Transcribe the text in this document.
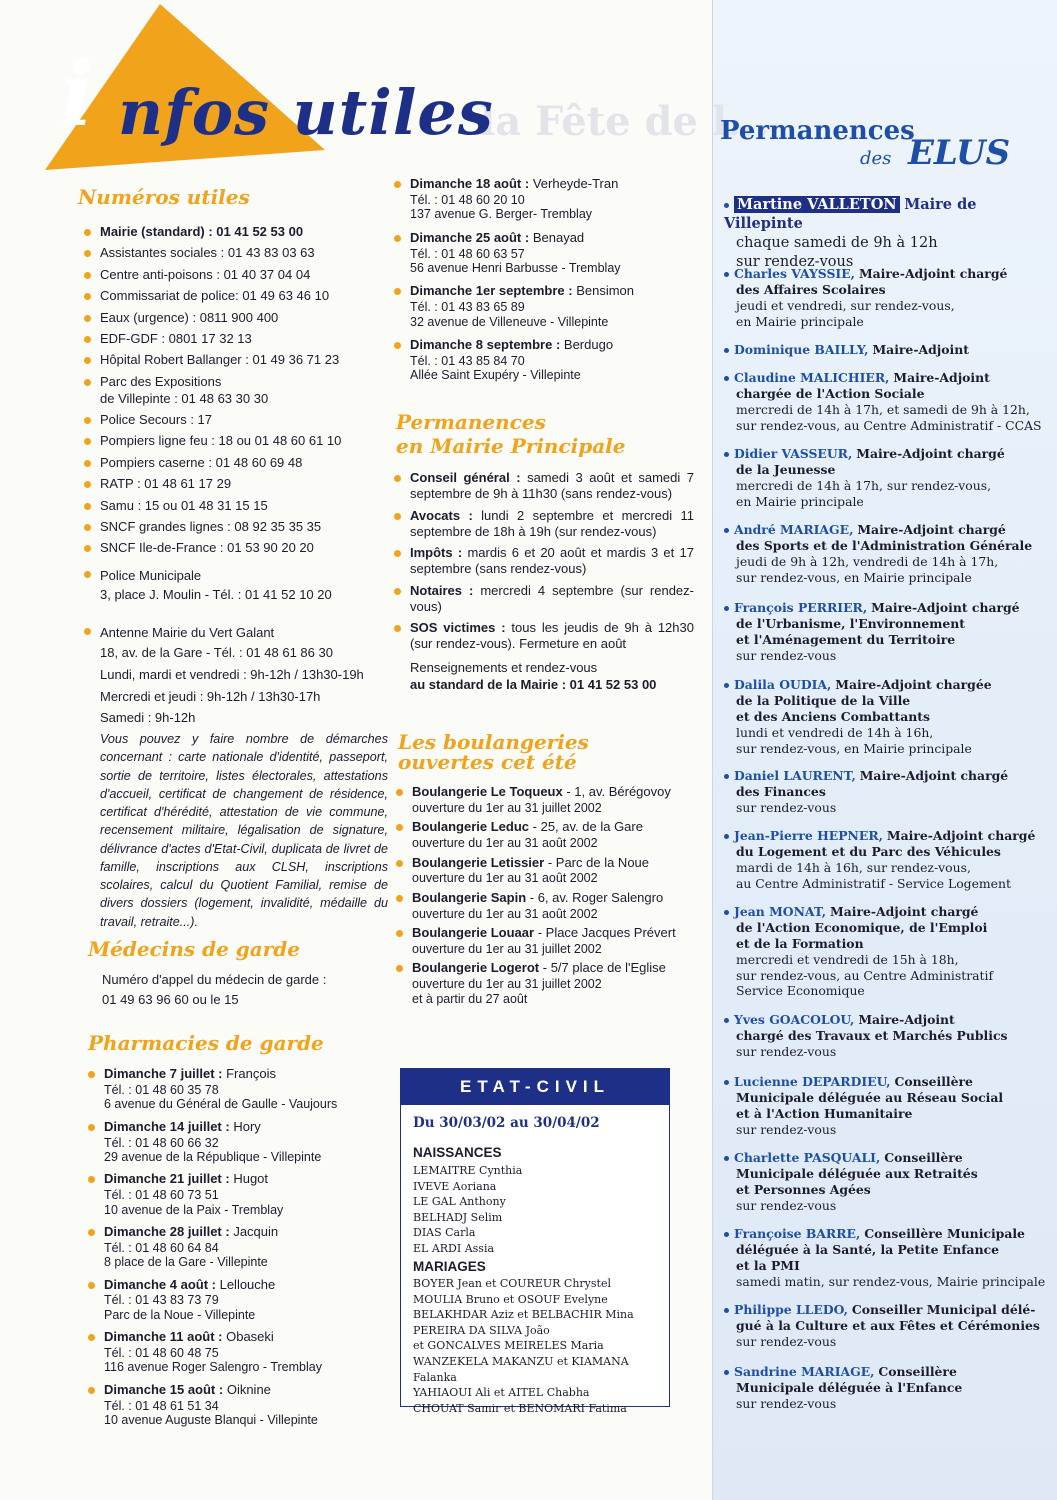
la Fête de l...
i nfos utiles
Numéros utiles
Mairie (standard) : 01 41 52 53 00
Assistantes sociales : 01 43 83 03 63
Centre anti-poisons : 01 40 37 04 04
Commissariat de police: 01 49 63 46 10
Eaux (urgence) : 0811 900 400
EDF-GDF : 0801 17 32 13
Hôpital Robert Ballanger : 01 49 36 71 23
Parc des Expositions
de Villepinte : 01 48 63 30 30
Police Secours : 17
Pompiers ligne feu : 18 ou 01 48 60 61 10
Pompiers caserne : 01 48 60 69 48
RATP : 01 48 61 17 29
Samu : 15 ou 01 48 31 15 15
SNCF grandes lignes : 08 92 35 35 35
SNCF Ile-de-France : 01 53 90 20 20
Police Municipale
3, place J. Moulin - Tél. : 01 41 52 10 20
Antenne Mairie du Vert Galant
18, av. de la Gare - Tél. : 01 48 61 86 30
Lundi, mardi et vendredi : 9h-12h / 13h30-19h
Mercredi et jeudi : 9h-12h / 13h30-17h
Samedi : 9h-12h
Vous pouvez y faire nombre de démarches concernant : carte nationale d'identité, passeport, sortie de territoire, listes électorales, attestations d'accueil, certificat de changement de résidence, certificat d'hérédité, attestation de vie commune, recensement militaire, légalisation de signature, délivrance d'actes d'Etat-Civil, duplicata de livret de famille, inscriptions aux CLSH, inscriptions scolaires, calcul du Quotient Familial, remise de divers dossiers (logement, invalidité, médaille du travail, retraite...).
Médecins de garde
Numéro d'appel du médecin de garde :
01 49 63 96 60 ou le 15
Pharmacies de garde
Dimanche 7 juillet : François
Tél. : 01 48 60 35 78
6 avenue du Général de Gaulle - Vaujours
Dimanche 14 juillet : Hory
Tél. : 01 48 60 66 32
29 avenue de la République - Villepinte
Dimanche 21 juillet : Hugot
Tél. : 01 48 60 73 51
10 avenue de la Paix - Tremblay
Dimanche 28 juillet : Jacquin
Tél. : 01 48 60 64 84
8 place de la Gare - Villepinte
Dimanche 4 août : Lellouche
Tél. : 01 43 83 73 79
Parc de la Noue - Villepinte
Dimanche 11 août : Obaseki
Tél. : 01 48 60 48 75
116 avenue Roger Salengro - Tremblay
Dimanche 15 août : Oiknine
Tél. : 01 48 61 51 34
10 avenue Auguste Blanqui - Villepinte
Dimanche 18 août : Verheyde-Tran
Tél. : 01 48 60 20 10
137 avenue G. Berger- Tremblay
Dimanche 25 août : Benayad
Tél. : 01 48 60 63 57
56 avenue Henri Barbusse - Tremblay
Dimanche 1er septembre : Bensimon
Tél. : 01 43 83 65 89
32 avenue de Villeneuve - Villepinte
Dimanche 8 septembre : Berdugo
Tél. : 01 43 85 84 70
Allée Saint Exupéry - Villepinte
Permanences
en Mairie Principale
Conseil général : samedi 3 août et samedi 7 septembre de 9h à 11h30 (sans rendez-vous)
Avocats : lundi 2 septembre et mercredi 11 septembre de 18h à 19h (sur rendez-vous)
Impôts : mardis 6 et 20 août et mardis 3 et 17 septembre (sans rendez-vous)
Notaires : mercredi 4 septembre (sur rendez-vous)
SOS victimes : tous les jeudis de 9h à 12h30 (sur rendez-vous). Fermeture en août
Renseignements et rendez-vous
au standard de la Mairie : 01 41 52 53 00
Les boulangeries
ouvertes cet été
Boulangerie Le Toqueux - 1, av. Bérégovoy
ouverture du 1er au 31 juillet 2002
Boulangerie Leduc - 25, av. de la Gare
ouverture du 1er au 31 août 2002
Boulangerie Letissier - Parc de la Noue
ouverture du 1er au 31 août 2002
Boulangerie Sapin - 6, av. Roger Salengro
ouverture du 1er au 31 août 2002
Boulangerie Louaar - Place Jacques Prévert
ouverture du 1er au 31 juillet 2002
Boulangerie Logerot - 5/7 place de l'Eglise
ouverture du 1er au 31 juillet 2002
et à partir du 27 août
ETAT-CIVIL
Du 30/03/02 au 30/04/02
NAISSANCES
LEMAITRE Cynthia
IVEVE Aoriana
LE GAL Anthony
BELHADJ Selim
DIAS Carla
EL ARDI Assia
MARIAGES
BOYER Jean et COUREUR Chrystel
MOULIA Bruno et OSOUF Evelyne
BELAKHDAR Aziz et BELBACHIR Mina
PEREIRA DA SILVA João
et GONCALVES MEIRELES Maria
WANZEKELA MAKANZU et KIAMANA Falanka
YAHIAOUI Ali et AITEL Chabha
CHOUAT Samir et BENOMARI Fatima
Permanences
des ELUS
Martine VALLETON Maire de Villepinte
chaque samedi de 9h à 12h
sur rendez-vous
Charles VAYSSIE, Maire-Adjoint chargé
des Affaires Scolaires
jeudi et vendredi, sur rendez-vous,
en Mairie principale
Dominique BAILLY, Maire-Adjoint
Claudine MALICHIER, Maire-Adjoint
chargée de l'Action Sociale
mercredi de 14h à 17h, et samedi de 9h à 12h,
sur rendez-vous, au Centre Administratif - CCAS
Didier VASSEUR, Maire-Adjoint chargé
de la Jeunesse
mercredi de 14h à 17h, sur rendez-vous,
en Mairie principale
André MARIAGE, Maire-Adjoint chargé
des Sports et de l'Administration Générale
jeudi de 9h à 12h, vendredi de 14h à 17h,
sur rendez-vous, en Mairie principale
François PERRIER, Maire-Adjoint chargé
de l'Urbanisme, l'Environnement
et l'Aménagement du Territoire
sur rendez-vous
Dalila OUDIA, Maire-Adjoint chargée
de la Politique de la Ville
et des Anciens Combattants
lundi et vendredi de 14h à 16h,
sur rendez-vous, en Mairie principale
Daniel LAURENT, Maire-Adjoint chargé
des Finances
sur rendez-vous
Jean-Pierre HEPNER, Maire-Adjoint chargé
du Logement et du Parc des Véhicules
mardi de 14h à 16h, sur rendez-vous,
au Centre Administratif - Service Logement
Jean MONAT, Maire-Adjoint chargé
de l'Action Economique, de l'Emploi
et de la Formation
mercredi et vendredi de 15h à 18h,
sur rendez-vous, au Centre Administratif
Service Economique
Yves GOACOLOU, Maire-Adjoint
chargé des Travaux et Marchés Publics
sur rendez-vous
Lucienne DEPARDIEU, Conseillère
Municipale déléguée au Réseau Social
et à l'Action Humanitaire
sur rendez-vous
Charlette PASQUALI, Conseillère
Municipale déléguée aux Retraités
et Personnes Agées
sur rendez-vous
Françoise BARRE, Conseillère Municipale
déléguée à la Santé, la Petite Enfance
et la PMI
samedi matin, sur rendez-vous, Mairie principale
Philippe LLEDO, Conseiller Municipal délé-
gué à la Culture et aux Fêtes et Cérémonies
sur rendez-vous
Sandrine MARIAGE, Conseillère
Municipale déléguée à l'Enfance
sur rendez-vous
